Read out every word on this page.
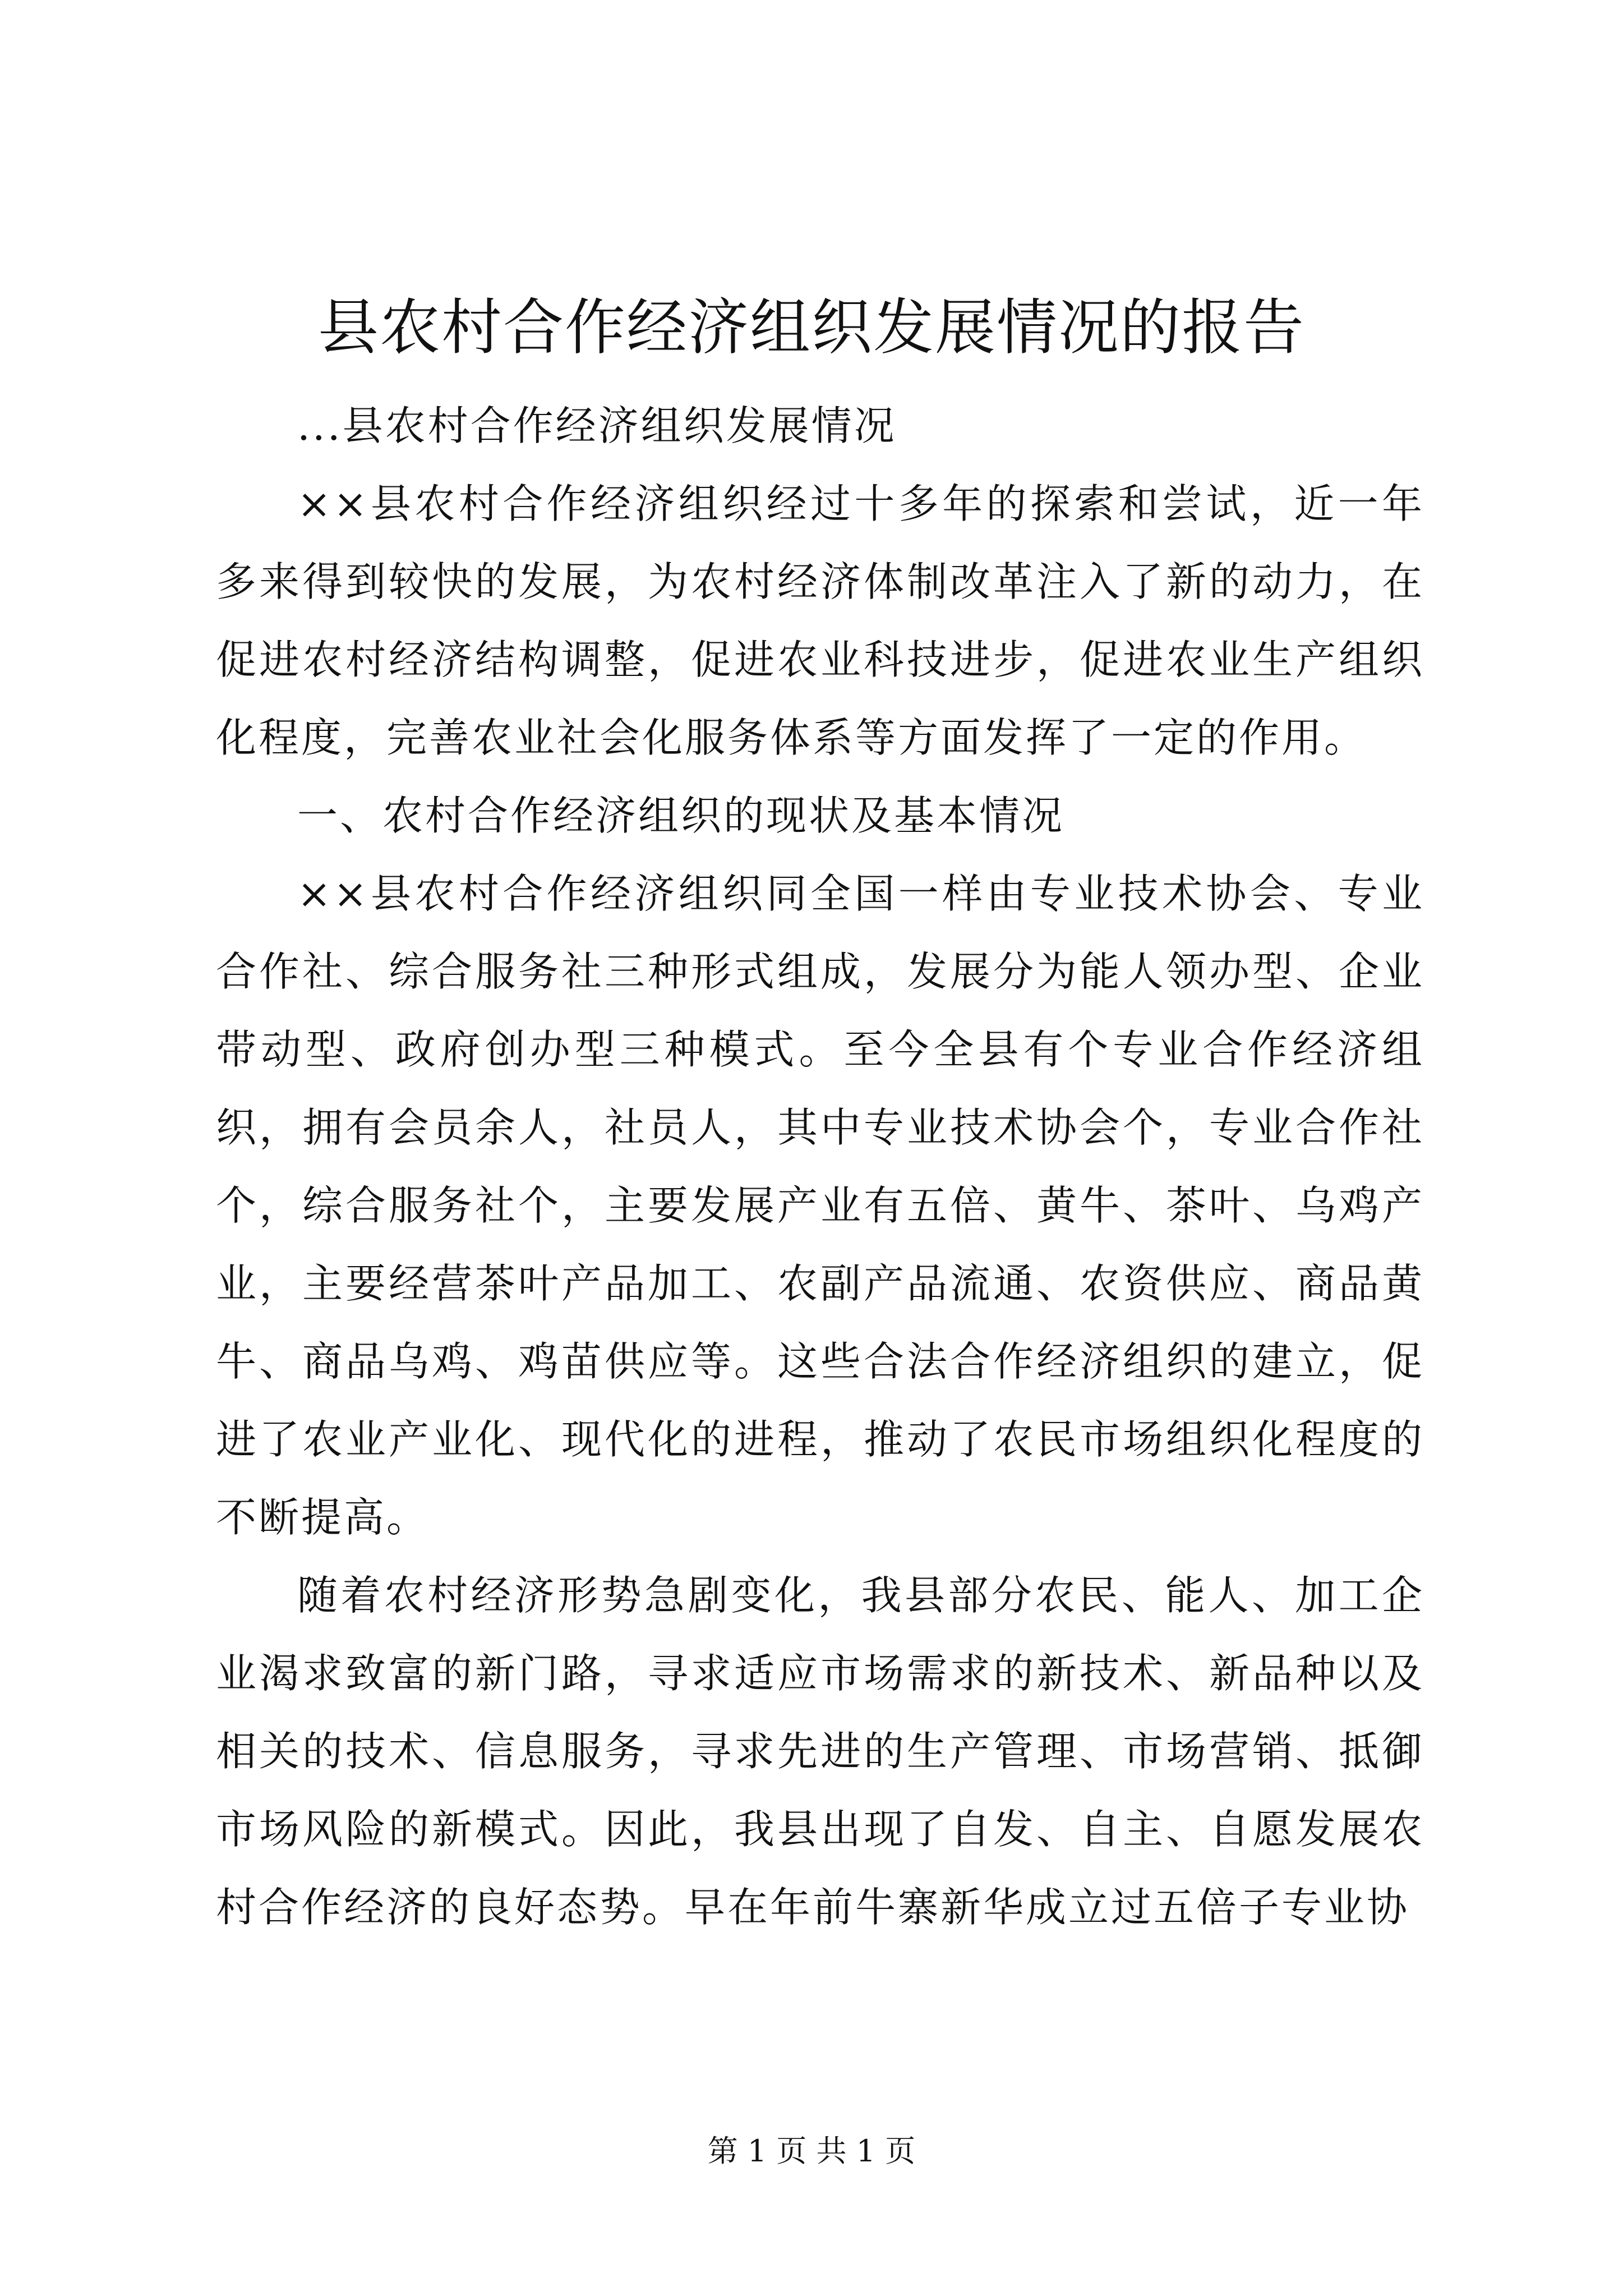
县农村合作经济组织发展情况的报告

...县农村合作经济组织发展情况

××县农村合作经济组织经过十多年的探索和尝试，近一年多来得到较快的发展，为农村经济体制改革注入了新的动力，在促进农村经济结构调整，促进农业科技进步，促进农业生产组织化程度，完善农业社会化服务体系等方面发挥了一定的作用。

一、农村合作经济组织的现状及基本情况

××县农村合作经济组织同全国一样由专业技术协会、专业合作社、综合服务社三种形式组成，发展分为能人领办型、企业带动型、政府创办型三种模式。至今全县有个专业合作经济组织，拥有会员余人，社员人，其中专业技术协会个，专业合作社个，综合服务社个，主要发展产业有五倍、黄牛、茶叶、乌鸡产业，主要经营茶叶产品加工、农副产品流通、农资供应、商品黄牛、商品乌鸡、鸡苗供应等。这些合法合作经济组织的建立，促进了农业产业化、现代化的进程，推动了农民市场组织化程度的不断提高。

随着农村经济形势急剧变化，我县部分农民、能人、加工企业渴求致富的新门路，寻求适应市场需求的新技术、新品种以及相关的技术、信息服务，寻求先进的生产管理、市场营销、抵御市场风险的新模式。因此，我县出现了自发、自主、自愿发展农村合作经济的良好态势。早在年前牛寨新华成立过五倍子专业协

第 1 页 共 1 页
